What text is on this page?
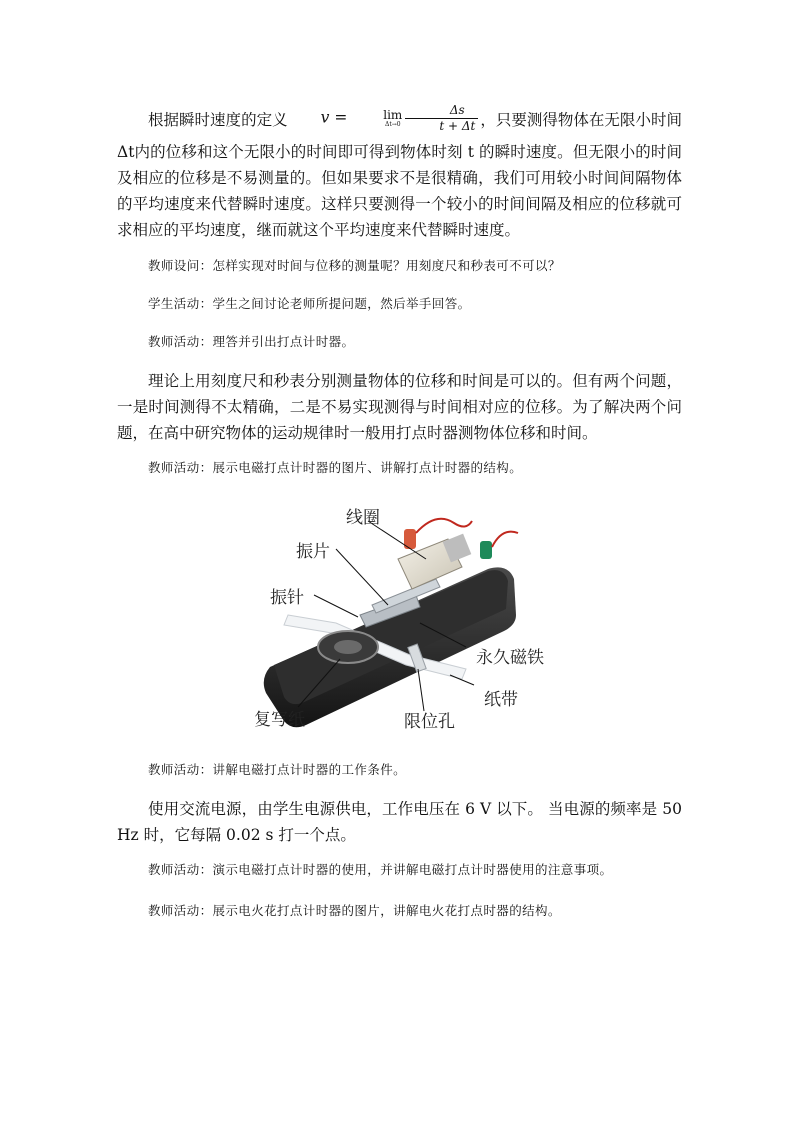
根据瞬时速度的定义 v =	lim
$\Delta t\to 0 \frac{\Delta s}{t + \Delta t}$ ，只要测得物体在无限小时间Δt内的位移和这个无限小的时间即可得到物体时刻 t 的瞬时速度。但无限小的时间及相应的位移是不易测量的。但如果要求不是很精确，我们可用较小时间间隔物体的平均速度来代替瞬时速度。这样只要测得一个较小的时间间隔及相应的位移就可求相应的平均速度，继而就这个平均速度来代替瞬时速度。

教师设问：怎样实现对时间与位移的测量呢？用刻度尺和秒表可不可以？

学生活动：学生之间讨论老师所提问题，然后举手回答。

教师活动：理答并引出打点计时器。

理论上用刻度尺和秒表分别测量物体的位移和时间是可以的。但有两个问题，一是时间测得不太精确，二是不易实现测得与时间相对应的位移。为了解决两个问题，在高中研究物体的运动规律时一般用打点时器测物体位移和时间。

教师活动：展示电磁打点计时器的图片、讲解打点计时器的结构。

线圈
振片
振针
永久磁铁
纸带
复写纸	限位孔

教师活动：讲解电磁打点计时器的工作条件。

使用交流电源，由学生电源供电，工作电压在 6 V 以下。 当电源的频率是 50 Hz 时，它每隔 0.02 s 打一个点。

教师活动：演示电磁打点计时器的使用，并讲解电磁打点计时器使用的注意事项。

教师活动：展示电火花打点计时器的图片，讲解电火花打点时器的结构。
